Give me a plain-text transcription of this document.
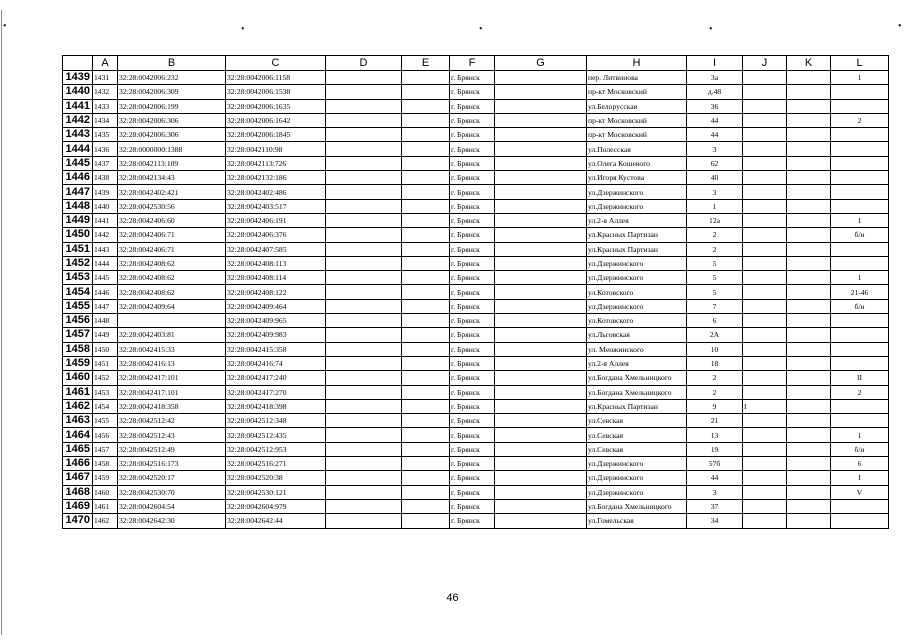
•	•	•	•	•
	A	B	C	D	E	F	G	H	I	J	K	L
1439	1431	32:28:0042006:232	32:28:0042006:1158			г. Брянск		пер. Литвинова	3а			1
1440	1432	32:28:0042006:309	32:28:0042006:1538			г. Брянск		пр-кт Московский	д.48			
1441	1433	32:28:0042006:199	32:28:0042006:1635			г. Брянск		ул.Белорусская	36			
1442	1434	32:28:0042006:306	32:28:0042006:1642			г. Брянск		пр-кт Московский	44			2
1443	1435	32:28:0042006:306	32:28:0042006:1845			г. Брянск		пр-кт Московский	44			
1444	1436	32:28:0000000:1388	32:28:0042110:98			г. Брянск		ул.Полесская	3			
1445	1437	32:28:0042113:109	32:28:0042113:726			г. Брянск		ул.Олега Кошевого	62			
1446	1438	32:28:0042134:43	32:28:0042132:186			г. Брянск		ул.Игоря Кустова	40			
1447	1439	32:28:0042402:421	32:28:0042402:486			г. Брянск		ул.Дзержинского	3			
1448	1440	32:28:0042530:56	32:28:0042403:517			г. Брянск		ул.Дзержинского	1			
1449	1441	32:28:0042406:60	32:28:0042406:191			г. Брянск		ул.2-я Аллея	12а			1
1450	1442	32:28:0042406:71	32:28:0042406:376			г. Брянск		ул.Красных Партизан	2			б/н
1451	1443	32:28:0042406:71	32:28:0042407:585			г. Брянск		ул.Красных Партизан	2			
1452	1444	32:28:0042408:62	32:28:0042408:113			г. Брянск		ул.Дзержинского	5			
1453	1445	32:28:0042408:62	32:28:0042408:114			г. Брянск		ул.Дзержинского	5			1
1454	1446	32:28:0042408:62	32:28:0042408:122			г. Брянск		ул.Котовского	5			21-46
1455	1447	32:28:0042409:64	32:28:0042409:464			г. Брянск		ул.Дзержинского	7			б/н
1456	1448		32:28:0042409:965			г. Брянск		ул.Котовского	6			
1457	1449	32:28:0042403:81	32:28:0042409:983			г. Брянск		ул.Льговская	2А			
1458	1450	32:28:0042415:33	32:28:0042415:358			г. Брянск		ул. Менжинского	10			
1459	1451	32:28:0042416:13	32:28:0042416:74			г. Брянск		ул.2-я Аллея	18			
1460	1452	32:28:0042417:101	32:28:0042417:240			г. Брянск		ул.Богдана Хмельницкого	2			II
1461	1453	32:28:0042417:101	32:28:0042417:270			г. Брянск		ул.Богдана Хмельницкого	2			2
1462	1454	32:28:0042418:358	32:28:0042418:398			г. Брянск		ул.Красных Партизан	9	I		
1463	1455	32:28:0042512:42	32:28:0042512:348			г. Брянск		ул.Севская	21			
1464	1456	32:28:0042512:43	32:28:0042512:435			г. Брянск		ул.Севская	13			1
1465	1457	32:28:0042512:49	32:28:0042512:953			г. Брянск		ул.Севская	19			б/н
1466	1458	32:28:0042516:173	32:28:0042516:271			г. Брянск		ул.Дзержинского	57б			6
1467	1459	32:28:0042520:17	32:28:0042520:38			г. Брянск		ул.Дзержинского	44			I
1468	1460	32:28:0042530:70	32:28:0042530:121			г. Брянск		ул.Дзержинского	3			V
1469	1461	32:28:0042604:54	32:28:0042604:979			г. Брянск		ул.Богдана Хмельницкого	37			
1470	1462	32:28:0042642:30	32:28:0042642:44			г. Брянск		ул.Гомельская	34			
46
